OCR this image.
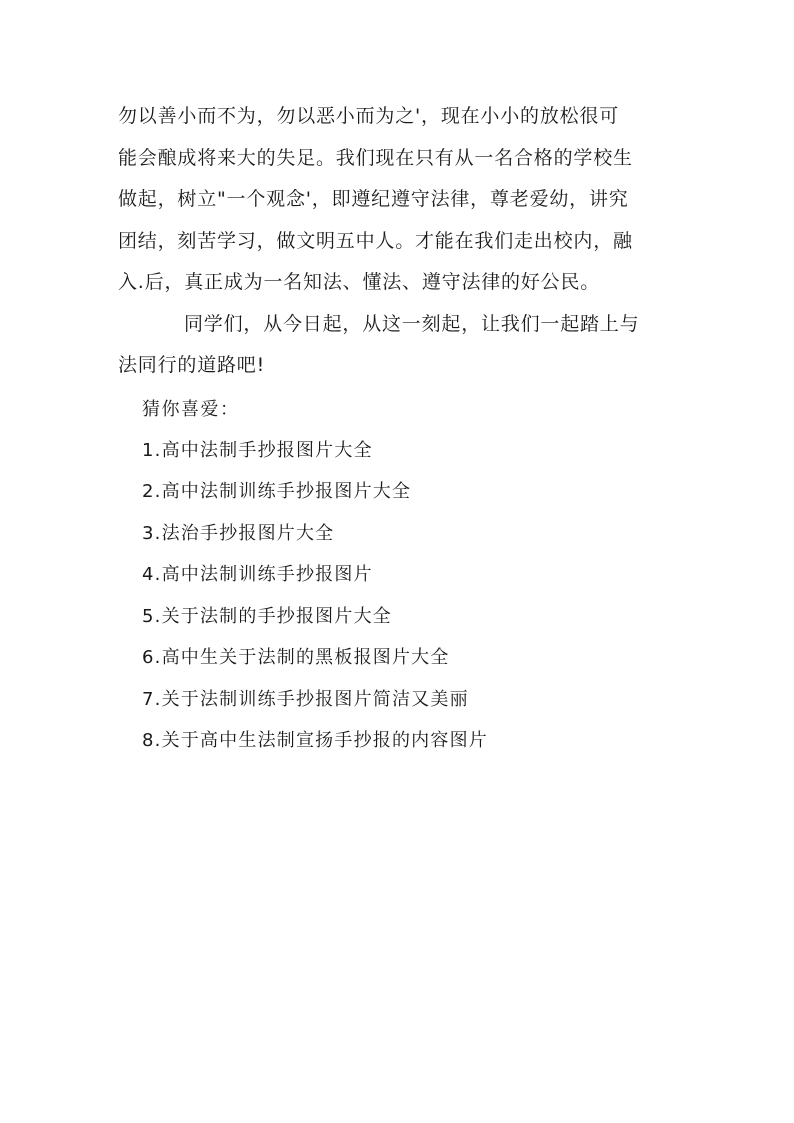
勿以善小而不为，勿以恶小而为之'，现在小小的放松很可
能会酿成将来大的失足。我们现在只有从一名合格的学校生
做起，树立"一个观念'，即遵纪遵守法律，尊老爱幼，讲究
团结，刻苦学习，做文明五中人。才能在我们走出校内，融
入.后，真正成为一名知法、懂法、遵守法律的好公民。

同学们，从今日起，从这一刻起，让我们一起踏上与
法同行的道路吧!

猜你喜爱：
1.高中法制手抄报图片大全
2.高中法制训练手抄报图片大全
3.法治手抄报图片大全
4.高中法制训练手抄报图片
5.关于法制的手抄报图片大全
6.高中生关于法制的黑板报图片大全
7.关于法制训练手抄报图片简洁又美丽
8.关于高中生法制宣扬手抄报的内容图片
